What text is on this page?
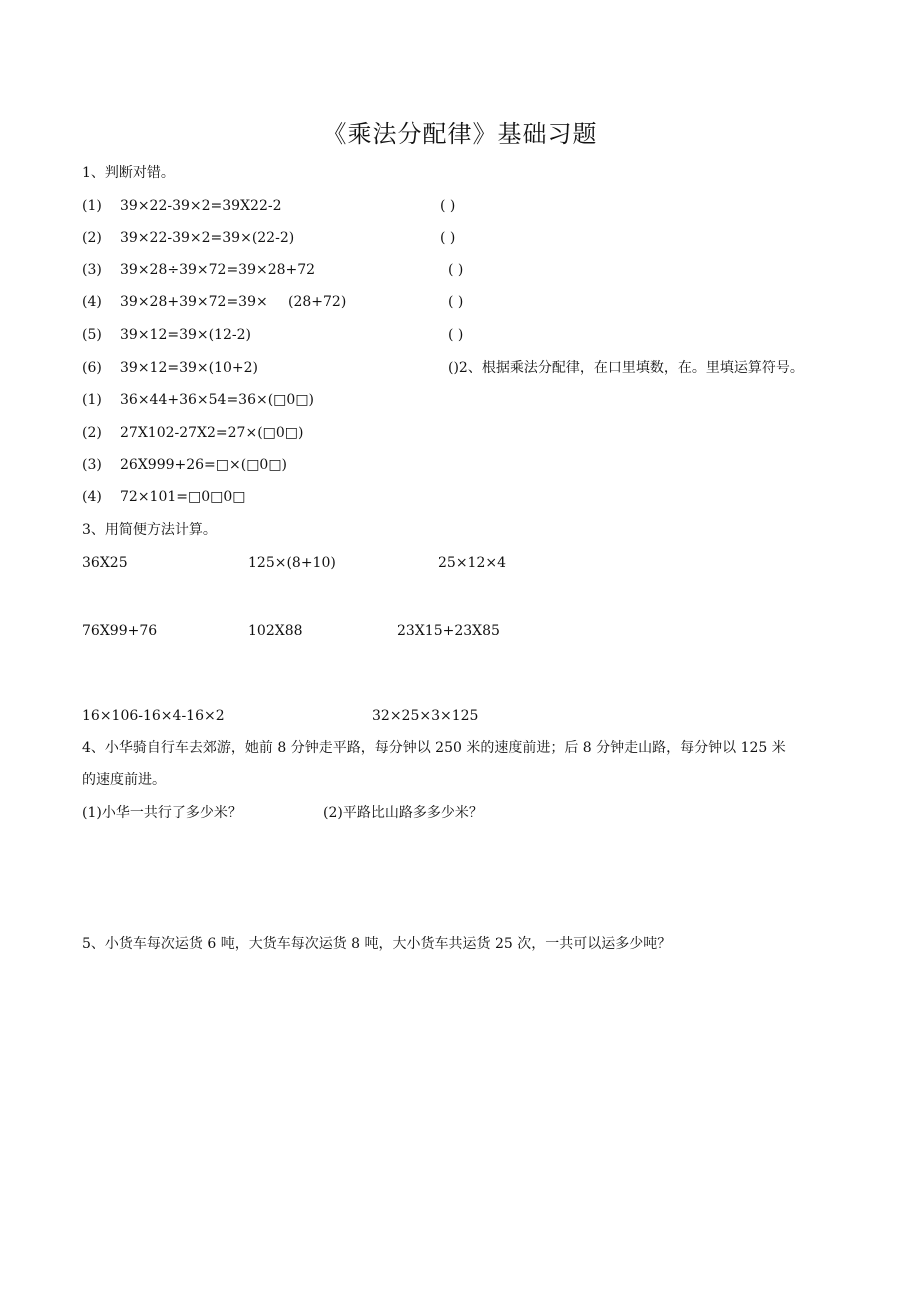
《乘法分配律》基础习题
1、判断对错。
(1) 39×22-39×2=39X22-2	( )
(2) 39×22-39×2=39×(22-2)	( )
(3) 39×28÷39×72=39×28+72	( )
(4) 39×28+39×72=39× (28+72)	( )
(5) 39×12=39×(12-2)	( )
(6) 39×12=39×(10+2)	()2、根据乘法分配律，在口里填数，在。里填运算符号。
(1) 36×44+36×54=36×(□0□)
(2) 27X102-27X2=27×(□0□)
(3) 26X999+26=□×(□0□)
(4) 72×101=□0□0□
3、用简便方法计算。
36X25	125×(8+10)	25×12×4
76X99+76	102X88	23X15+23X85
16×106-16×4-16×2	32×25×3×125
4、小华骑自行车去郊游，她前 8 分钟走平路，每分钟以 250 米的速度前进；后 8 分钟走山路，每分钟以 125 米
的速度前进。
(1)小华一共行了多少米？	(2)平路比山路多多少米？
5、小货车每次运货 6 吨，大货车每次运货 8 吨，大小货车共运货 25 次，一共可以运多少吨？
